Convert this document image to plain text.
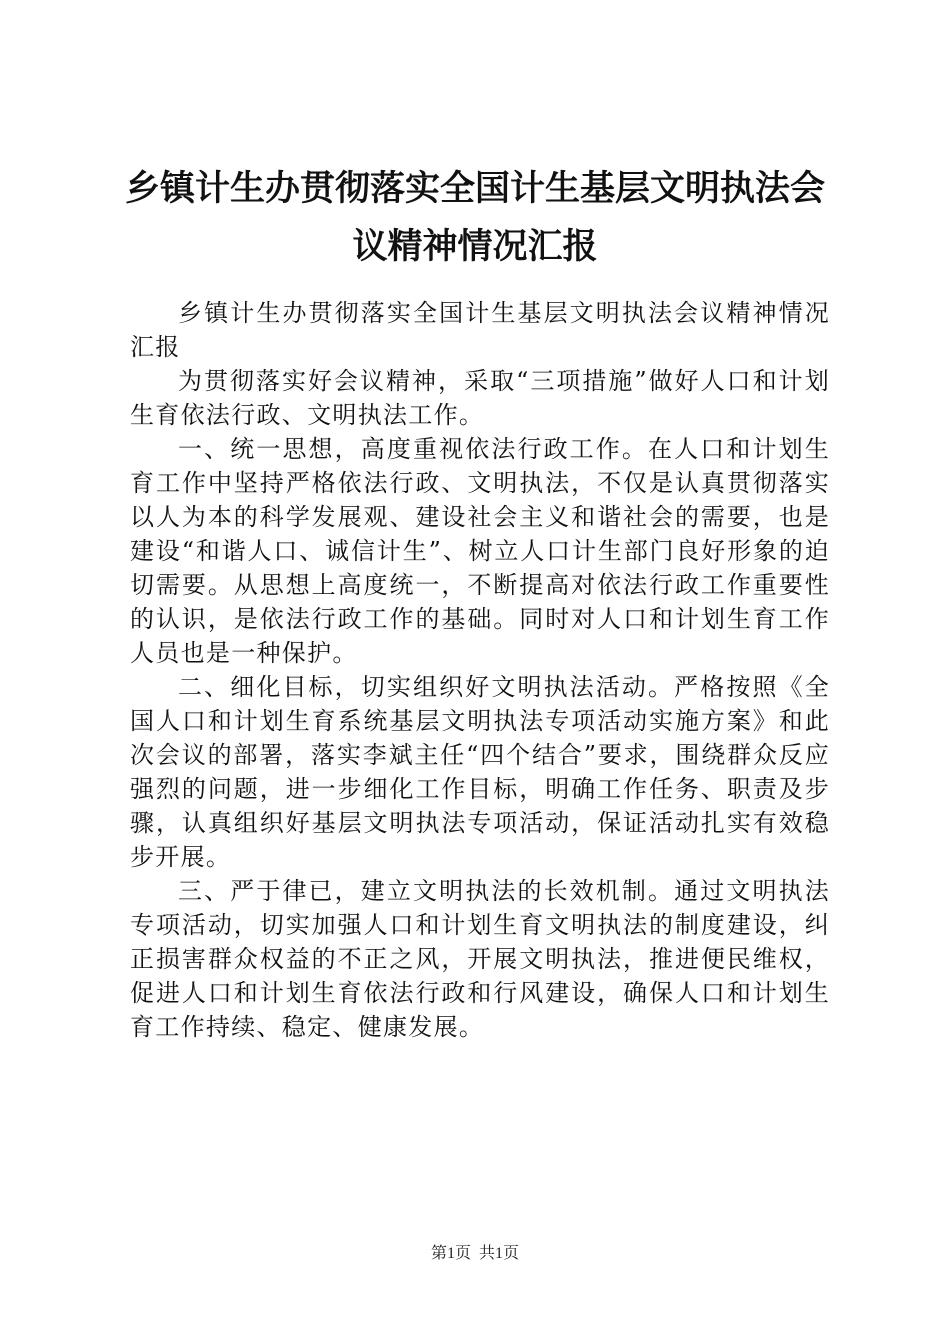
乡镇计生办贯彻落实全国计生基层文明执法会
议精神情况汇报

乡镇计生办贯彻落实全国计生基层文明执法会议精神情况汇报

为贯彻落实好会议精神，采取“三项措施”做好人口和计划生育依法行政、文明执法工作。

一、统一思想，高度重视依法行政工作。在人口和计划生育工作中坚持严格依法行政、文明执法，不仅是认真贯彻落实以人为本的科学发展观、建设社会主义和谐社会的需要，也是建设“和谐人口、诚信计生”、树立人口计生部门良好形象的迫切需要。从思想上高度统一，不断提高对依法行政工作重要性的认识，是依法行政工作的基础。同时对人口和计划生育工作人员也是一种保护。

二、细化目标，切实组织好文明执法活动。严格按照《全国人口和计划生育系统基层文明执法专项活动实施方案》和此次会议的部署，落实李斌主任“四个结合”要求，围绕群众反应强烈的问题，进一步细化工作目标，明确工作任务、职责及步骤，认真组织好基层文明执法专项活动，保证活动扎实有效稳步开展。

三、严于律已，建立文明执法的长效机制。通过文明执法专项活动，切实加强人口和计划生育文明执法的制度建设，纠正损害群众权益的不正之风，开展文明执法，推进便民维权，促进人口和计划生育依法行政和行风建设，确保人口和计划生育工作持续、稳定、健康发展。

第1页  共1页
